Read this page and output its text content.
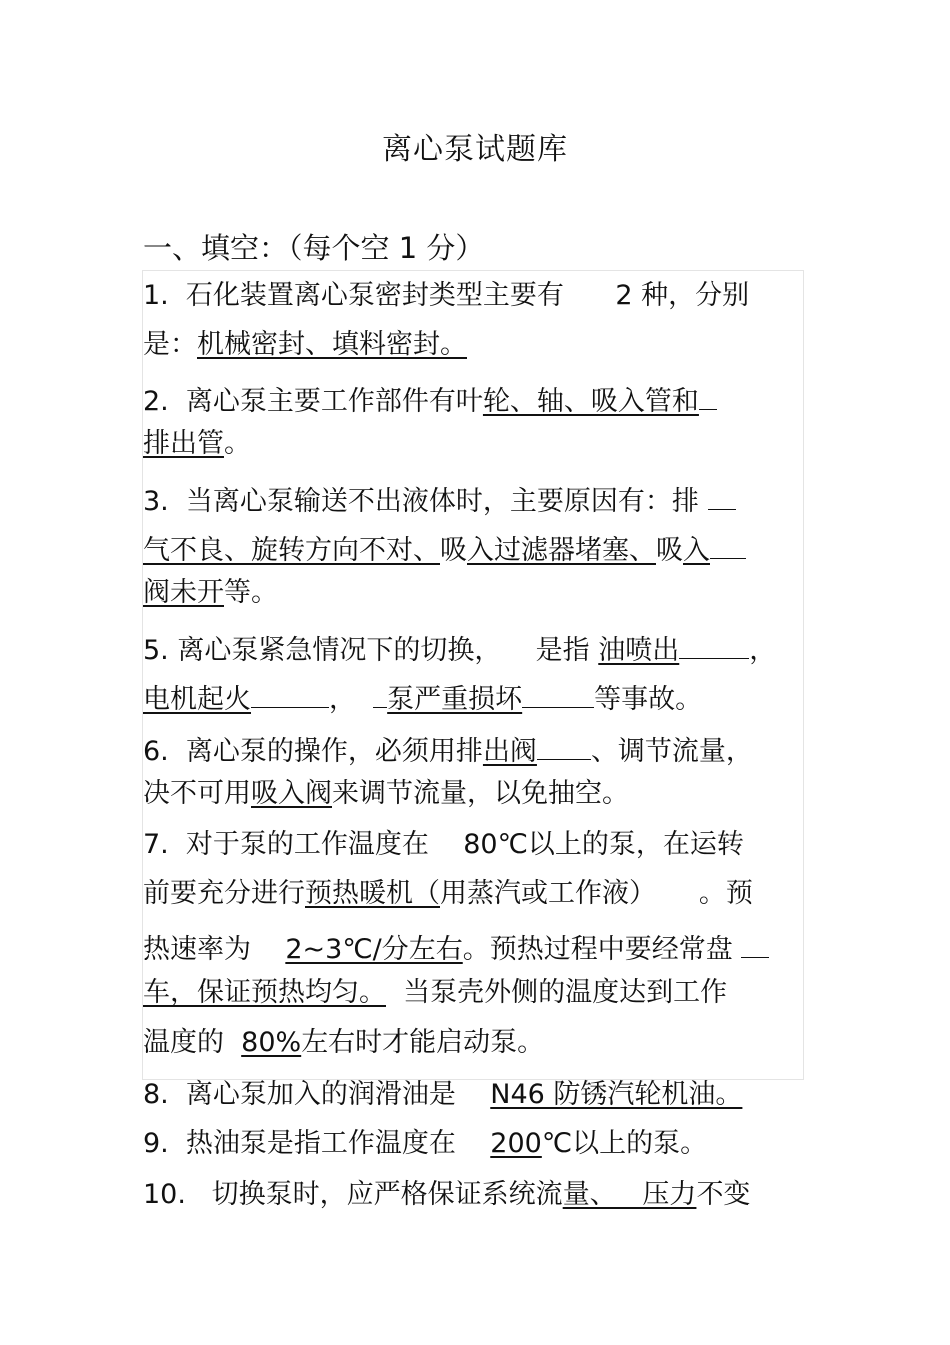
离心泵试题库
一、填空：（每个空 1 分）
1.  石化装置离心泵密封类型主要有      2 种，分别
是：机械密封、填料密封。
2.  离心泵主要工作部件有叶轮、轴、吸入管和
排出管。
3.  当离心泵输送不出液体时，主要原因有：排
气不良、旋转方向不对、吸入过滤器堵塞、吸入
阀未开等。
5. 离心泵紧急情况下的切换，    是指 油喷出	，
电机起火	，  泵严重损坏	等事故。
6.  离心泵的操作，必须用排出阀 、调节流量，
决不可用吸入阀来调节流量，以免抽空。
7.  对于泵的工作温度在    80℃以上的泵，在运转
前要充分进行预热暖机（用蒸汽或工作液）     。预
热速率为    2~3℃/分左右。预热过程中要经常盘
车，保证预热均匀。  当泵壳外侧的温度达到工作
温度的  80%左右时才能启动泵。
8.  离心泵加入的润滑油是    N46 防锈汽轮机油。
9.  热油泵是指工作温度在    200℃以上的泵。
10.   切换泵时，应严格保证系统流量、   压力不变
